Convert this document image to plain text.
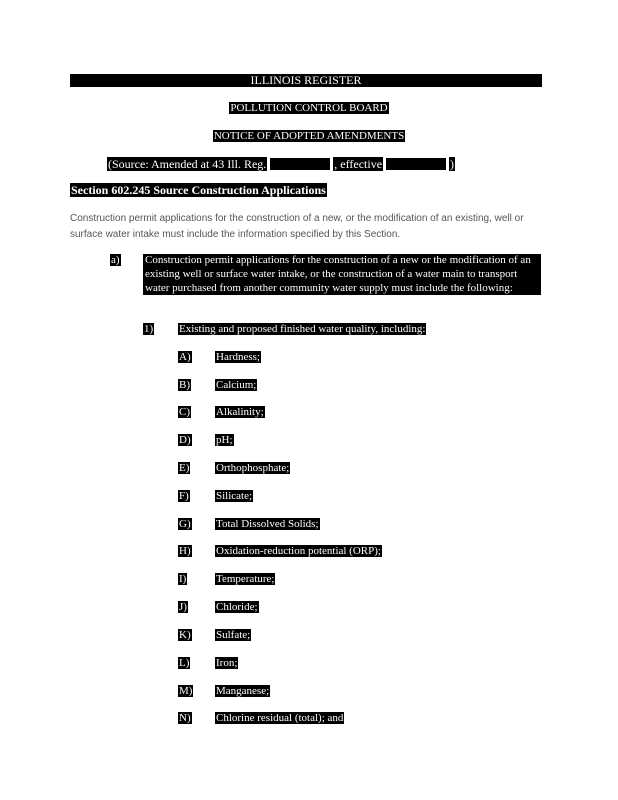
ILLINOIS REGISTER
POLLUTION CONTROL BOARD
NOTICE OF ADOPTED AMENDMENTS
(Source: Amended at 43 Ill. Reg.	, effective	)
Section 602.245 Source Construction Applications
Construction permit applications for the construction of a new, or the modification of an existing, well or surface water intake must include the information specified by this Section.
a) Construction permit applications for the construction of a new or the modification of an existing well or surface water intake, or the construction of a water main to transport water purchased from another community water supply must include the following:
1) Existing and proposed finished water quality, including:
A) Hardness;
B) Calcium;
C) Alkalinity;
D) pH;
E) Orthophosphate;
F) Silicate;
G) Total Dissolved Solids;
H) Oxidation-reduction potential (ORP);
I)	Temperature;
J)	Chloride;
K) Sulfate;
L) Iron;
M) Manganese;
N) Chlorine residual (total); and
